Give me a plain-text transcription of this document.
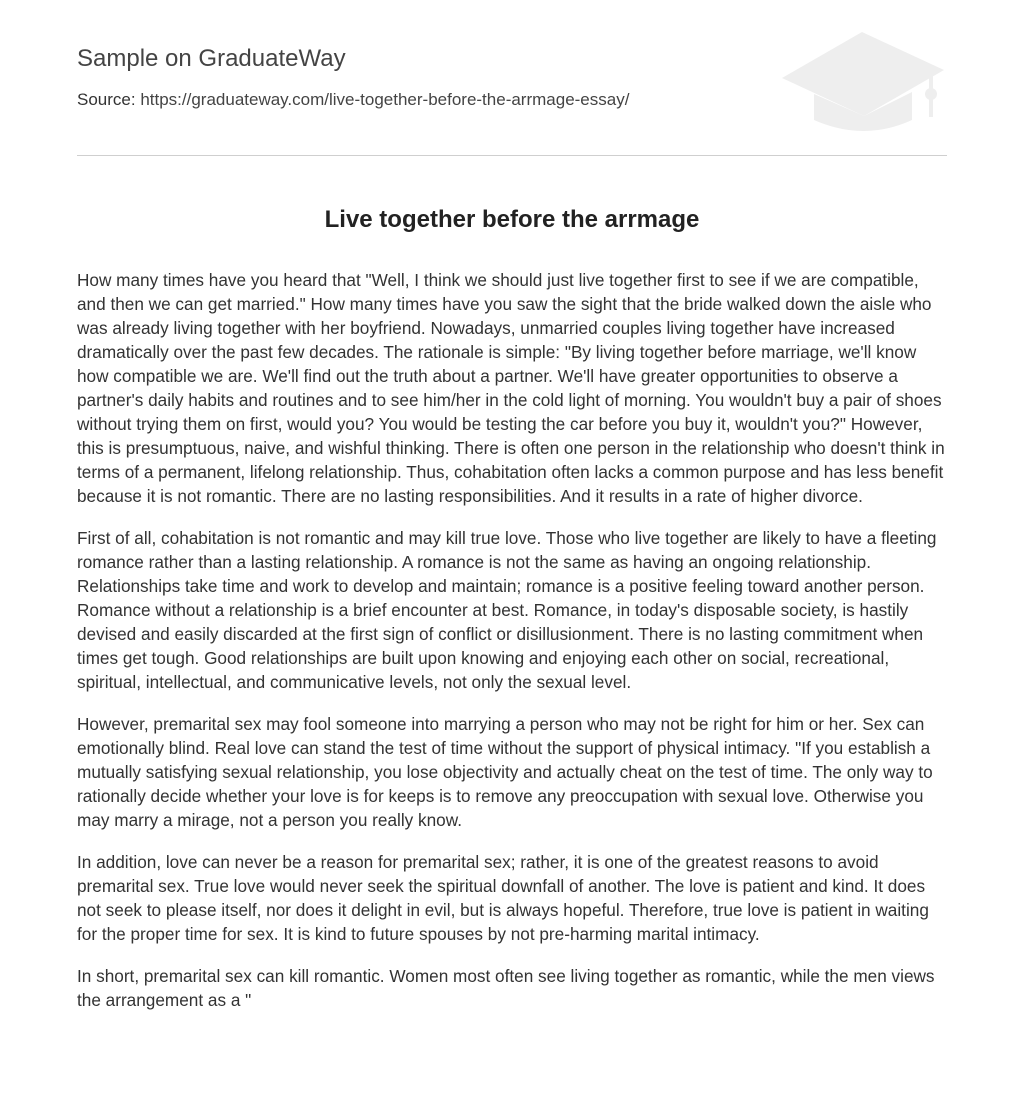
Sample on GraduateWay
Source: https://graduateway.com/live-together-before-the-arrmage-essay/
Live together before the arrmage

How many times have you heard that "Well, I think we should just live together first to see if we are compatible, and then we can get married." How many times have you saw the sight that the bride walked down the aisle who was already living together with her boyfriend. Nowadays, unmarried couples living together have increased dramatically over the past few decades. The rationale is simple: "By living together before marriage, we'll know how compatible we are. We'll find out the truth about a partner. We'll have greater opportunities to observe a partner's daily habits and routines and to see him/her in the cold light of morning. You wouldn't buy a pair of shoes without trying them on first, would you? You would be testing the car before you buy it, wouldn't you?" However, this is presumptuous, naive, and wishful thinking. There is often one person in the relationship who doesn't think in terms of a permanent, lifelong relationship. Thus, cohabitation often lacks a common purpose and has less benefit because it is not romantic. There are no lasting responsibilities. And it results in a rate of higher divorce.

First of all, cohabitation is not romantic and may kill true love. Those who live together are likely to have a fleeting romance rather than a lasting relationship. A romance is not the same as having an ongoing relationship. Relationships take time and work to develop and maintain; romance is a positive feeling toward another person. Romance without a relationship is a brief encounter at best. Romance, in today's disposable society, is hastily devised and easily discarded at the first sign of conflict or disillusionment. There is no lasting commitment when times get tough. Good relationships are built upon knowing and enjoying each other on social, recreational, spiritual, intellectual, and communicative levels, not only the sexual level.

However, premarital sex may fool someone into marrying a person who may not be right for him or her. Sex can emotionally blind. Real love can stand the test of time without the support of physical intimacy. "If you establish a mutually satisfying sexual relationship, you lose objectivity and actually cheat on the test of time. The only way to rationally decide whether your love is for keeps is to remove any preoccupation with sexual love. Otherwise you may marry a mirage, not a person you really know.

In addition, love can never be a reason for premarital sex; rather, it is one of the greatest reasons to avoid premarital sex. True love would never seek the spiritual downfall of another. The love is patient and kind. It does not seek to please itself, nor does it delight in evil, but is always hopeful. Therefore, true love is patient in waiting for the proper time for sex. It is kind to future spouses by not pre-harming marital intimacy.

In short, premarital sex can kill romantic. Women most often see living together as romantic, while the men views the arrangement as a "
